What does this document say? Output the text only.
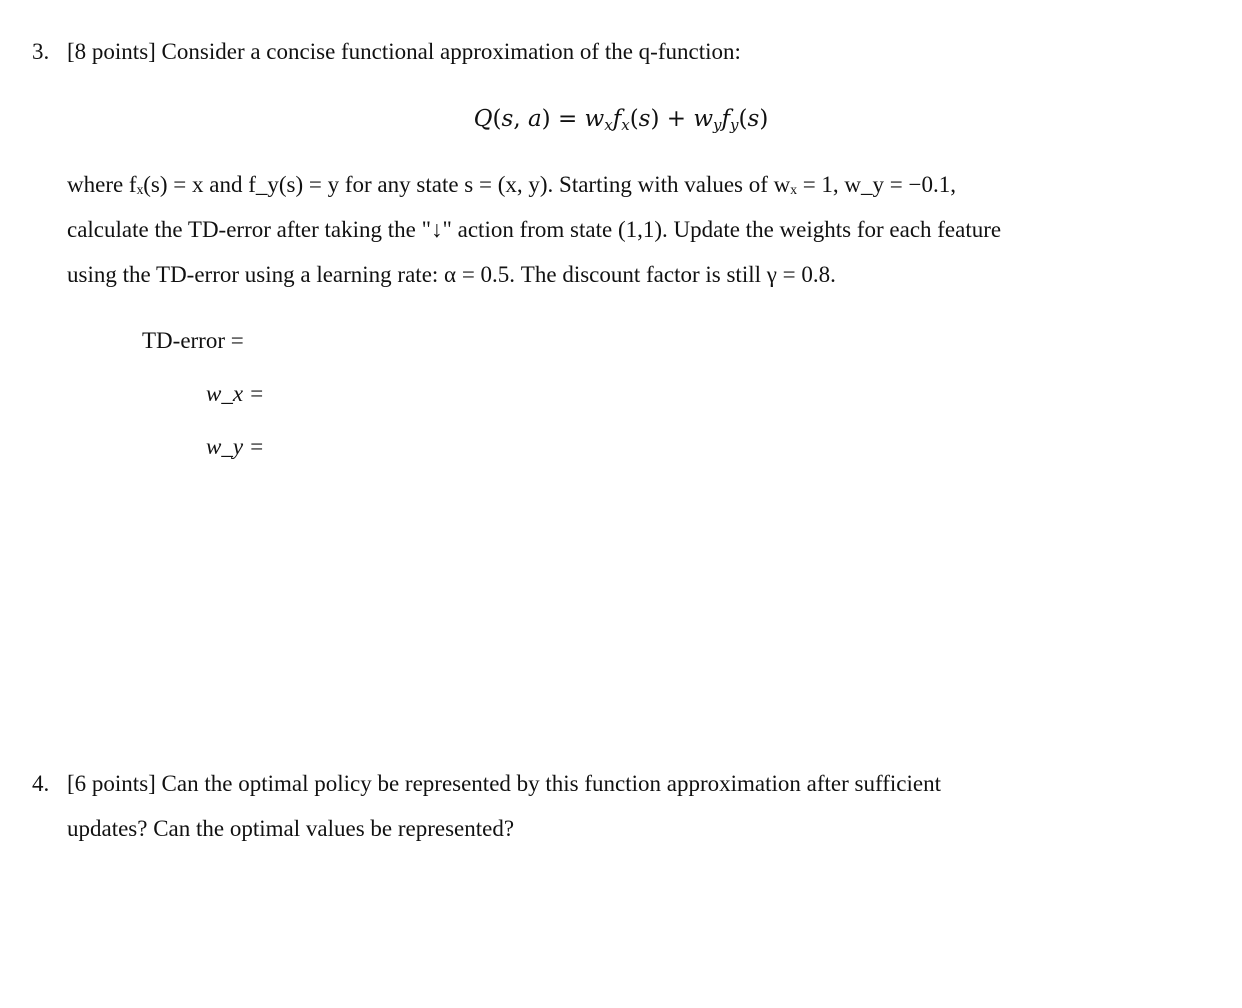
3. [8 points] Consider a concise functional approximation of the q-function:
Q(s, $a) = w_xf_x(s) + w_yf_y(s)$
where fₓ(s) = x and f_y(s) = y for any state s = (x, y). Starting with values of wₓ = 1, w_y = −0.1,
calculate the TD-error after taking the "↓" action from state (1,1). Update the weights for each feature
using the TD-error using a learning rate: α = 0.5. The discount factor is still γ = 0.8.
TD-error =
w_x =
w_y =
4. [6 points] Can the optimal policy be represented by this function approximation after sufficient
updates? Can the optimal values be represented?
